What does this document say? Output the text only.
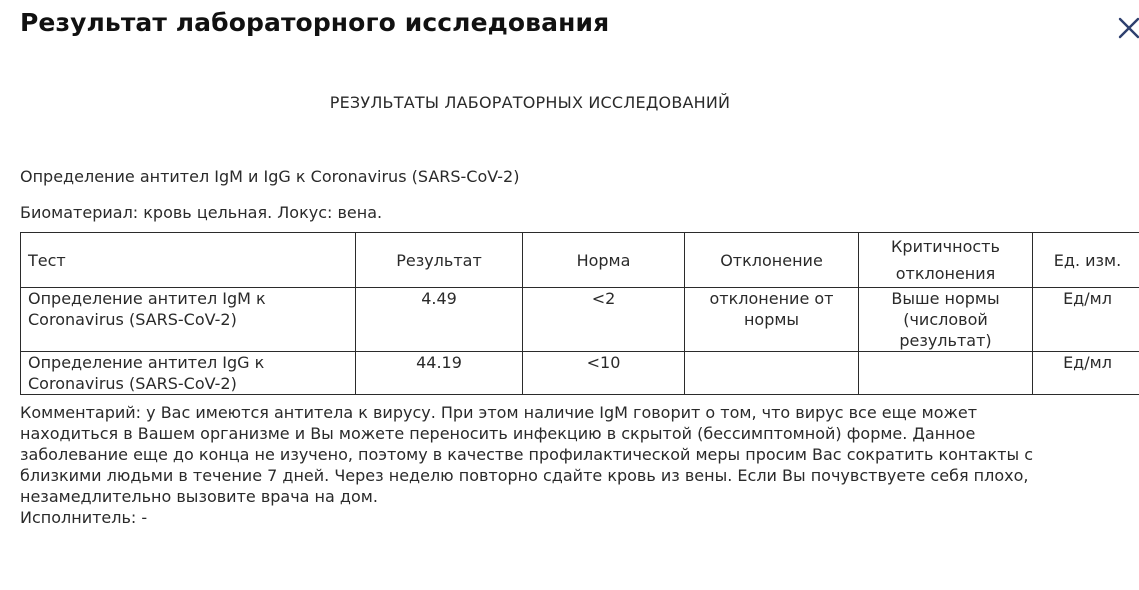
Результат лабораторного исследования
РЕЗУЛЬТАТЫ ЛАБОРАТОРНЫХ ИССЛЕДОВАНИЙ
Определение антител IgM и IgG к Coronavirus (SARS-CoV-2)
Биоматериал: кровь цельная. Локус: вена.
Тест	Результат	Норма	Отклонение	Критичность отклонения	Ед. изм.
Определение антител IgM к Coronavirus (SARS-CoV-2)	4.49	<2	отклонение от нормы	Выше нормы (числовой результат)	Ед/мл
Определение антител IgG к Coronavirus (SARS-CoV-2)	44.19	<10			Ед/мл
Комментарий: у Вас имеются антитела к вирусу. При этом наличие IgM говорит о том, что вирус все еще может находиться в Вашем организме и Вы можете переносить инфекцию в скрытой (бессимптомной) форме. Данное заболевание еще до конца не изучено, поэтому в качестве профилактической меры просим Вас сократить контакты с близкими людьми в течение 7 дней. Через неделю повторно сдайте кровь из вены. Если Вы почувствуете себя плохо, незамедлительно вызовите врача на дом.
Исполнитель: -
